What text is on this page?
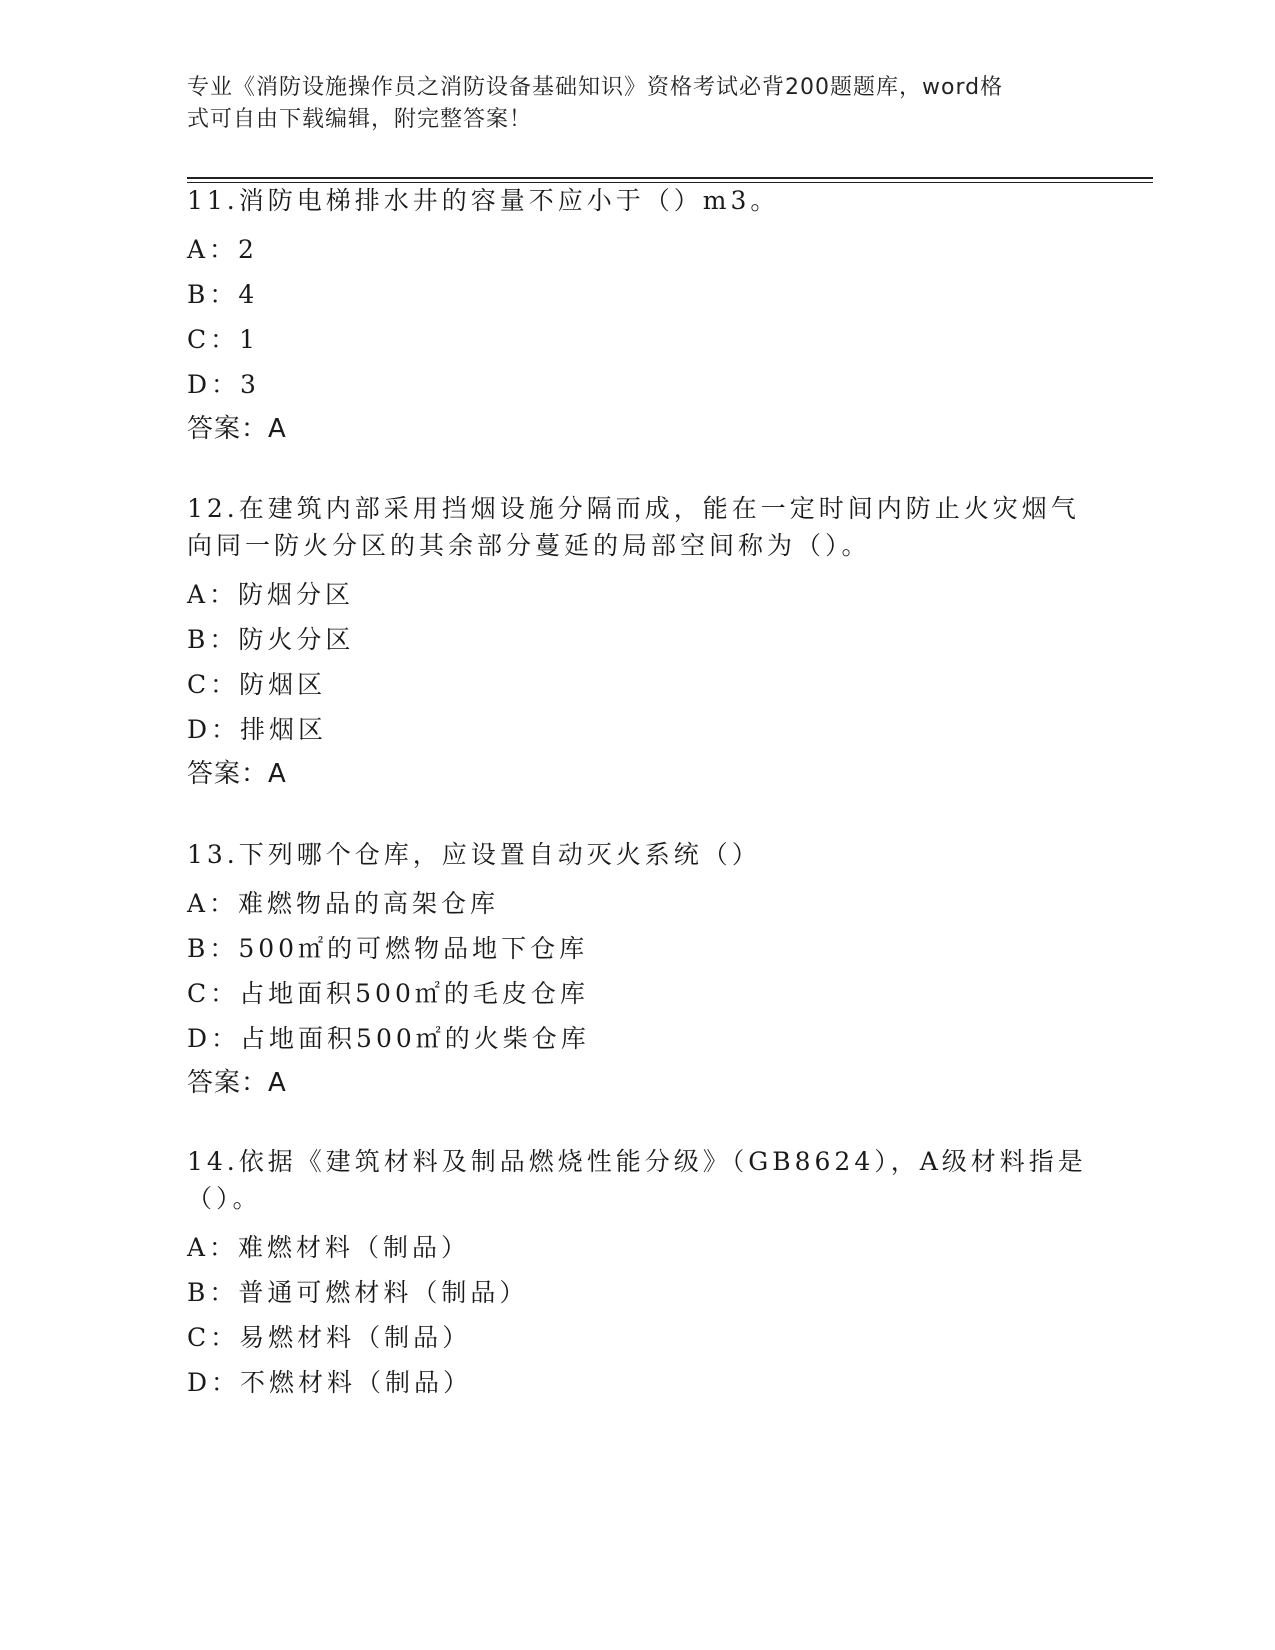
专业《消防设施操作员之消防设备基础知识》资格考试必背200题题库，word格
式可自由下载编辑，附完整答案！
11.消防电梯排水井的容量不应小于（）m3。
A：2
B：4
C：1
D：3
答案：A
12.在建筑内部采用挡烟设施分隔而成，能在一定时间内防止火灾烟气
向同一防火分区的其余部分蔓延的局部空间称为（）。
A：防烟分区
B：防火分区
C：防烟区
D：排烟区
答案：A
13.下列哪个仓库，应设置自动灭火系统（）
A：难燃物品的高架仓库
B：500㎡的可燃物品地下仓库
C：占地面积500㎡的毛皮仓库
D：占地面积500㎡的火柴仓库
答案：A
14.依据《建筑材料及制品燃烧性能分级》（GB8624），A级材料指是
（）。
A：难燃材料（制品）
B：普通可燃材料（制品）
C：易燃材料（制品）
D：不燃材料（制品）
